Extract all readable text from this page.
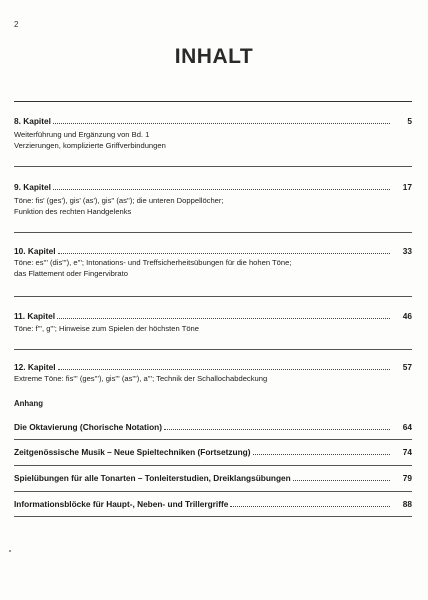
2
INHALT
8. Kapitel	5
Weiterführung und Ergänzung von Bd. 1
Verzierungen, komplizierte Griffverbindungen
9. Kapitel	17
Töne: fis' (ges'), gis' (as'), gis'' (as''); die unteren Doppellöcher;
Funktion des rechten Handgelenks
10. Kapitel	33
Töne: es''' (dis'''), e'''; Intonations- und Treffsicherheitsübungen für die hohen Töne;
das Flattement oder Fingervibrato
11. Kapitel	46
Töne: f''', g'''; Hinweise zum Spielen der höchsten Töne
12. Kapitel	57
Extreme Töne: fis''' (ges'''), gis''' (as'''), a'''; Technik der Schallochabdeckung
Anhang
Die Oktavierung (Chorische Notation)	64
Zeitgenössische Musik – Neue Spieltechniken (Fortsetzung)	74
Spielübungen für alle Tonarten – Tonleiterstudien, Dreiklangsübungen	79
Informationsblöcke für Haupt-, Neben- und Trillergriffe	88
